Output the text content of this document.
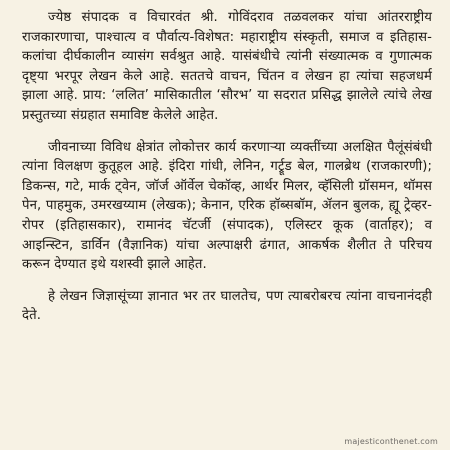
ज्येष्ठ संपादक व विचारवंत श्री. गोविंदराव तळवलकर यांचा आंतरराष्ट्रीय राजकारणाचा, पाश्चात्य व पौर्वात्य-विशेषत: महाराष्ट्रीय संस्कृती, समाज व इतिहास-कलांचा दीर्घकालीन व्यासंग सर्वश्रुत आहे. यासंबंधीचे त्यांनी संख्यात्मक व गुणात्मक दृष्ट्या भरपूर लेखन केले आहे. सततचे वाचन, चिंतन व लेखन हा त्यांचा सहजधर्म झाला आहे. प्राय: ‘ललित’ मासिकातील ‘सौरभ’ या सदरात प्रसिद्ध झालेले त्यांचे लेख प्रस्तुतच्या संग्रहात समाविष्ट केलेले आहेत.

जीवनाच्या विविध क्षेत्रांत लोकोत्तर कार्य करणाऱ्या व्यक्तींच्या अलक्षित पैलूंसंबंधी त्यांना विलक्षण कुतूहल आहे. इंदिरा गांधी, लेनिन, गर्ट्रूड बेल, गालब्रेथ (राजकारणी); डिकन्स, गटे, मार्क ट्वेन, जॉर्ज ऑर्वेल चेकॉव्ह, आर्थर मिलर, व्हॅसिली ग्रॉसमन, थॉमस पेन, पाहमुक, उमरखय्याम (लेखक); केनान, एरिक हॉब्सबॉम, ॲलन बुलक, ह्यू ट्रेव्हर-रोपर (इतिहासकार), रामानंद चॅटर्जी (संपादक), एलिस्टर कूक (वार्ताहर); व आइन्स्टिन, डार्विन (वैज्ञानिक) यांचा अल्पाक्षरी ढंगात, आकर्षक शैलीत ते परिचय करून देण्यात इथे यशस्वी झाले आहेत.

हे लेखन जिज्ञासूंच्या ज्ञानात भर तर घालतेच, पण त्याबरोबरच त्यांना वाचनानंदही देते.

majesticonthenet.com
